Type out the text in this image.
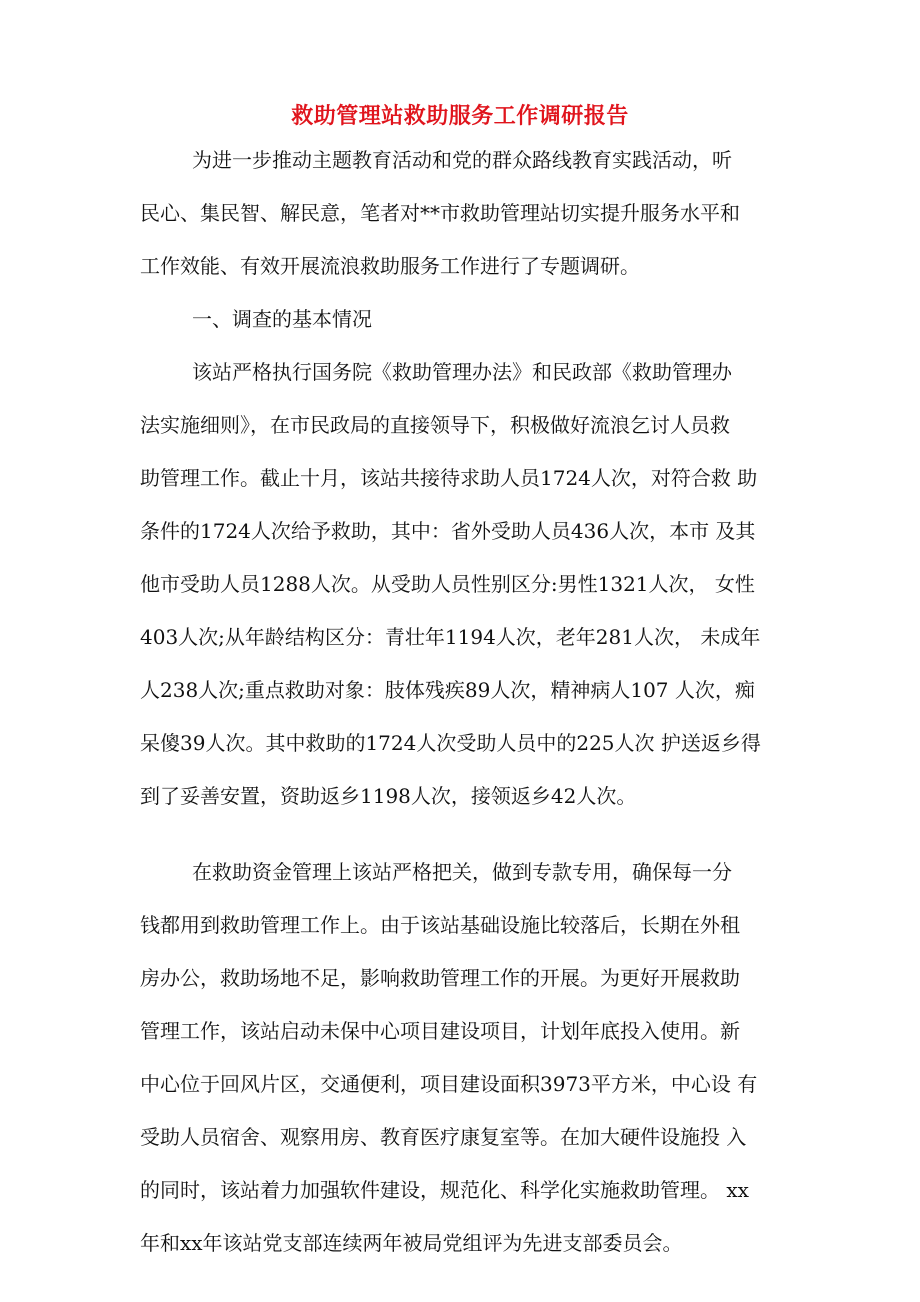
救助管理站救助服务工作调研报告
为进一步推动主题教育活动和党的群众路线教育实践活动，听
民心、集民智、解民意，笔者对**市救助管理站切实提升服务水平和
工作效能、有效开展流浪救助服务工作进行了专题调研。
一、调查的基本情况
该站严格执行国务院《救助管理办法》和民政部《救助管理办
法实施细则》，在市民政局的直接领导下，积极做好流浪乞讨人员救
助管理工作。截止十月，该站共接待求助人员1724人次，对符合救 助
条件的1724人次给予救助，其中：省外受助人员436人次，本市 及其
他市受助人员1288人次。从受助人员性别区分:男性1321人次， 女性
403人次;从年龄结构区分：青壮年1194人次，老年281人次， 未成年
人238人次;重点救助对象：肢体残疾89人次，精神病人107 人次，痴
呆傻39人次。其中救助的1724人次受助人员中的225人次 护送返乡得
到了妥善安置，资助返乡1198人次，接领返乡42人次。
在救助资金管理上该站严格把关，做到专款专用，确保每一分
钱都用到救助管理工作上。由于该站基础设施比较落后，长期在外租
房办公，救助场地不足，影响救助管理工作的开展。为更好开展救助
管理工作，该站启动未保中心项目建设项目，计划年底投入使用。新
中心位于回风片区，交通便利，项目建设面积3973平方米，中心设 有
受助人员宿舍、观察用房、教育医疗康复室等。在加大硬件设施投 入
的同时，该站着力加强软件建设，规范化、科学化实施救助管理。 xx
年和xx年该站党支部连续两年被局党组评为先进支部委员会。
